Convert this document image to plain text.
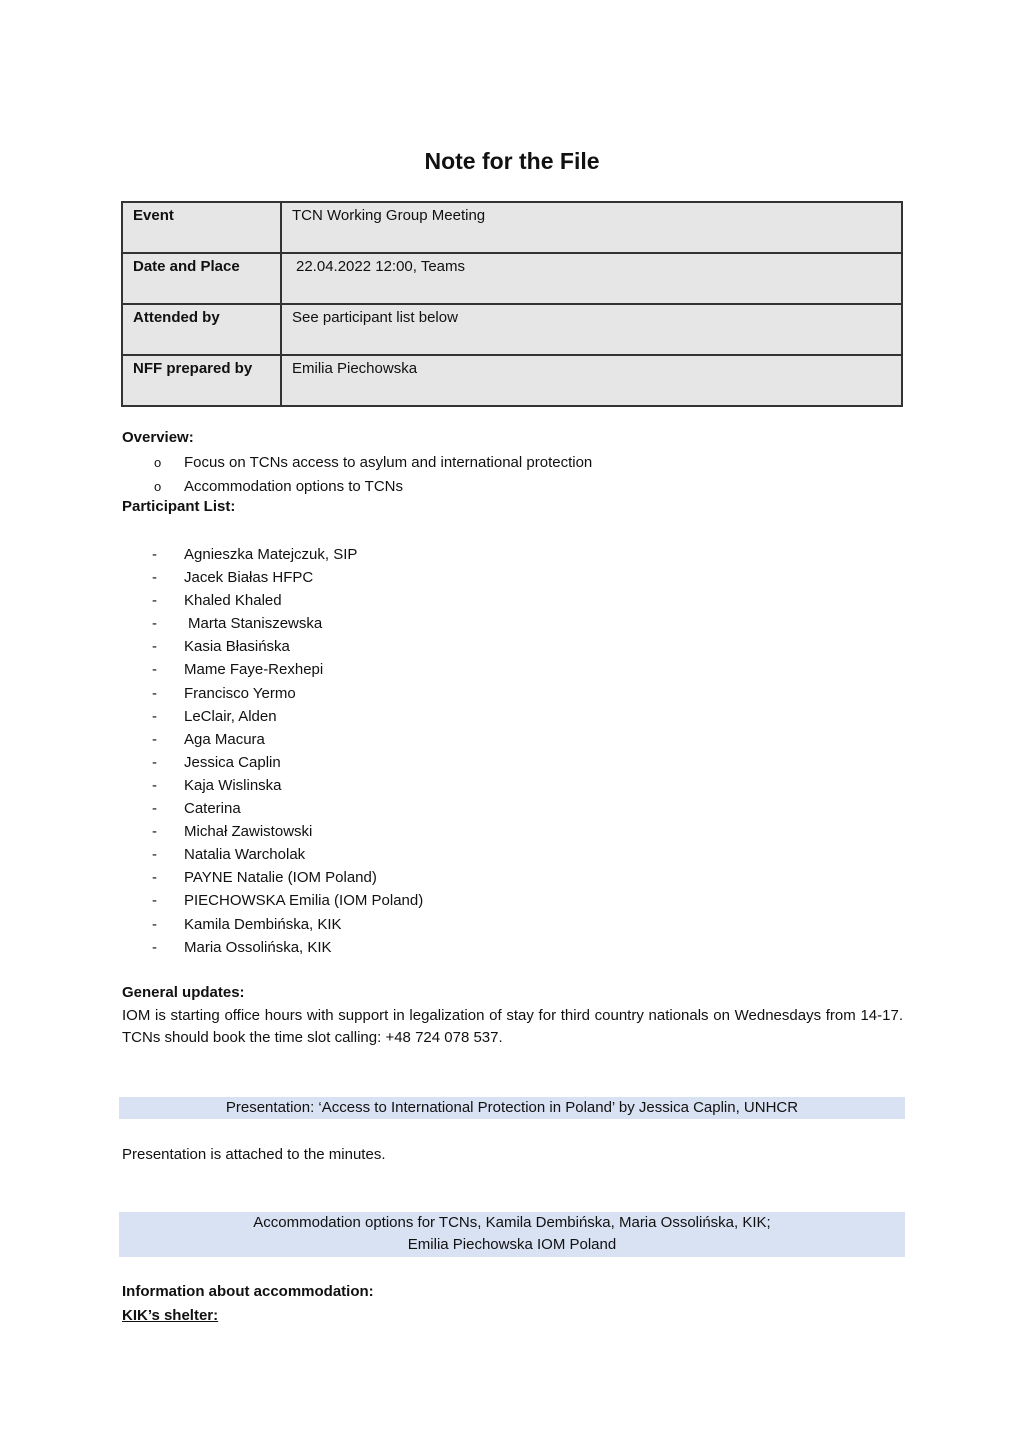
Note for the File
Event	TCN Working Group Meeting
Date and Place	22.04.2022 12:00, Teams
Attended by	See participant list below
NFF prepared by	Emilia Piechowska
Overview:
o Focus on TCNs access to asylum and international protection
o Accommodation options to TCNs
Participant List:
- Agnieszka Matejczuk, SIP
- Jacek Białas HFPC
- Khaled Khaled
- Marta Staniszewska
- Kasia Błasińska
- Mame Faye-Rexhepi
- Francisco Yermo
- LeClair, Alden
- Aga Macura
- Jessica Caplin
- Kaja Wislinska
- Caterina
- Michał Zawistowski
- Natalia Warcholak
- PAYNE Natalie (IOM Poland)
- PIECHOWSKA Emilia (IOM Poland)
- Kamila Dembińska, KIK
- Maria Ossolińska, KIK
General updates:
IOM is starting office hours with support in legalization of stay for third country nationals on Wednesdays from 14-17. TCNs should book the time slot calling: +48 724 078 537.
Presentation: ‘Access to International Protection in Poland’ by Jessica Caplin, UNHCR
Presentation is attached to the minutes.
Accommodation options for TCNs, Kamila Dembińska, Maria Ossolińska, KIK;
Emilia Piechowska IOM Poland
Information about accommodation:
KIK’s shelter:
